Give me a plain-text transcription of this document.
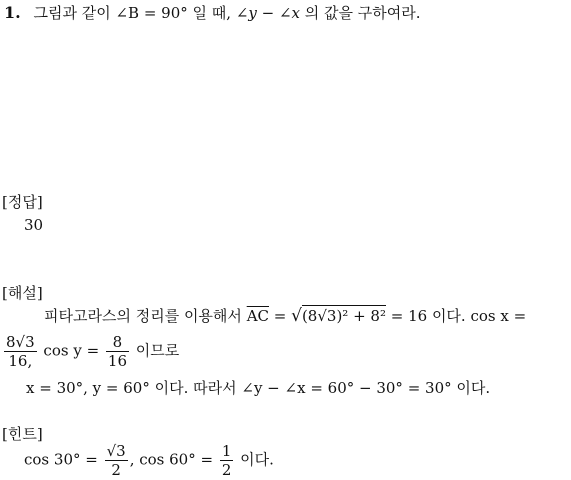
1. 그림과 같이 ∠B = 90° 일 때, ∠y − ∠x 의 값을 구하여라.
[정답]
30
[해설]
피타고라스의 정리를 이용해서 $\overline{AC} = √(8√3)^2 + 8^2 = 16$ 이다. cos x =
$\frac{8√3}{16,}$ $\cos y = \frac{8}{16}$ 이므로
x = 30°, y = 60° 이다. 따라서 ∠y − ∠x = 60° − 30° = 30° 이다.
[힌트]
$\cos 30^\circ = \frac{√3}{2}$ , $\cos 60^\circ = \frac{1}{2}$ 이다.
